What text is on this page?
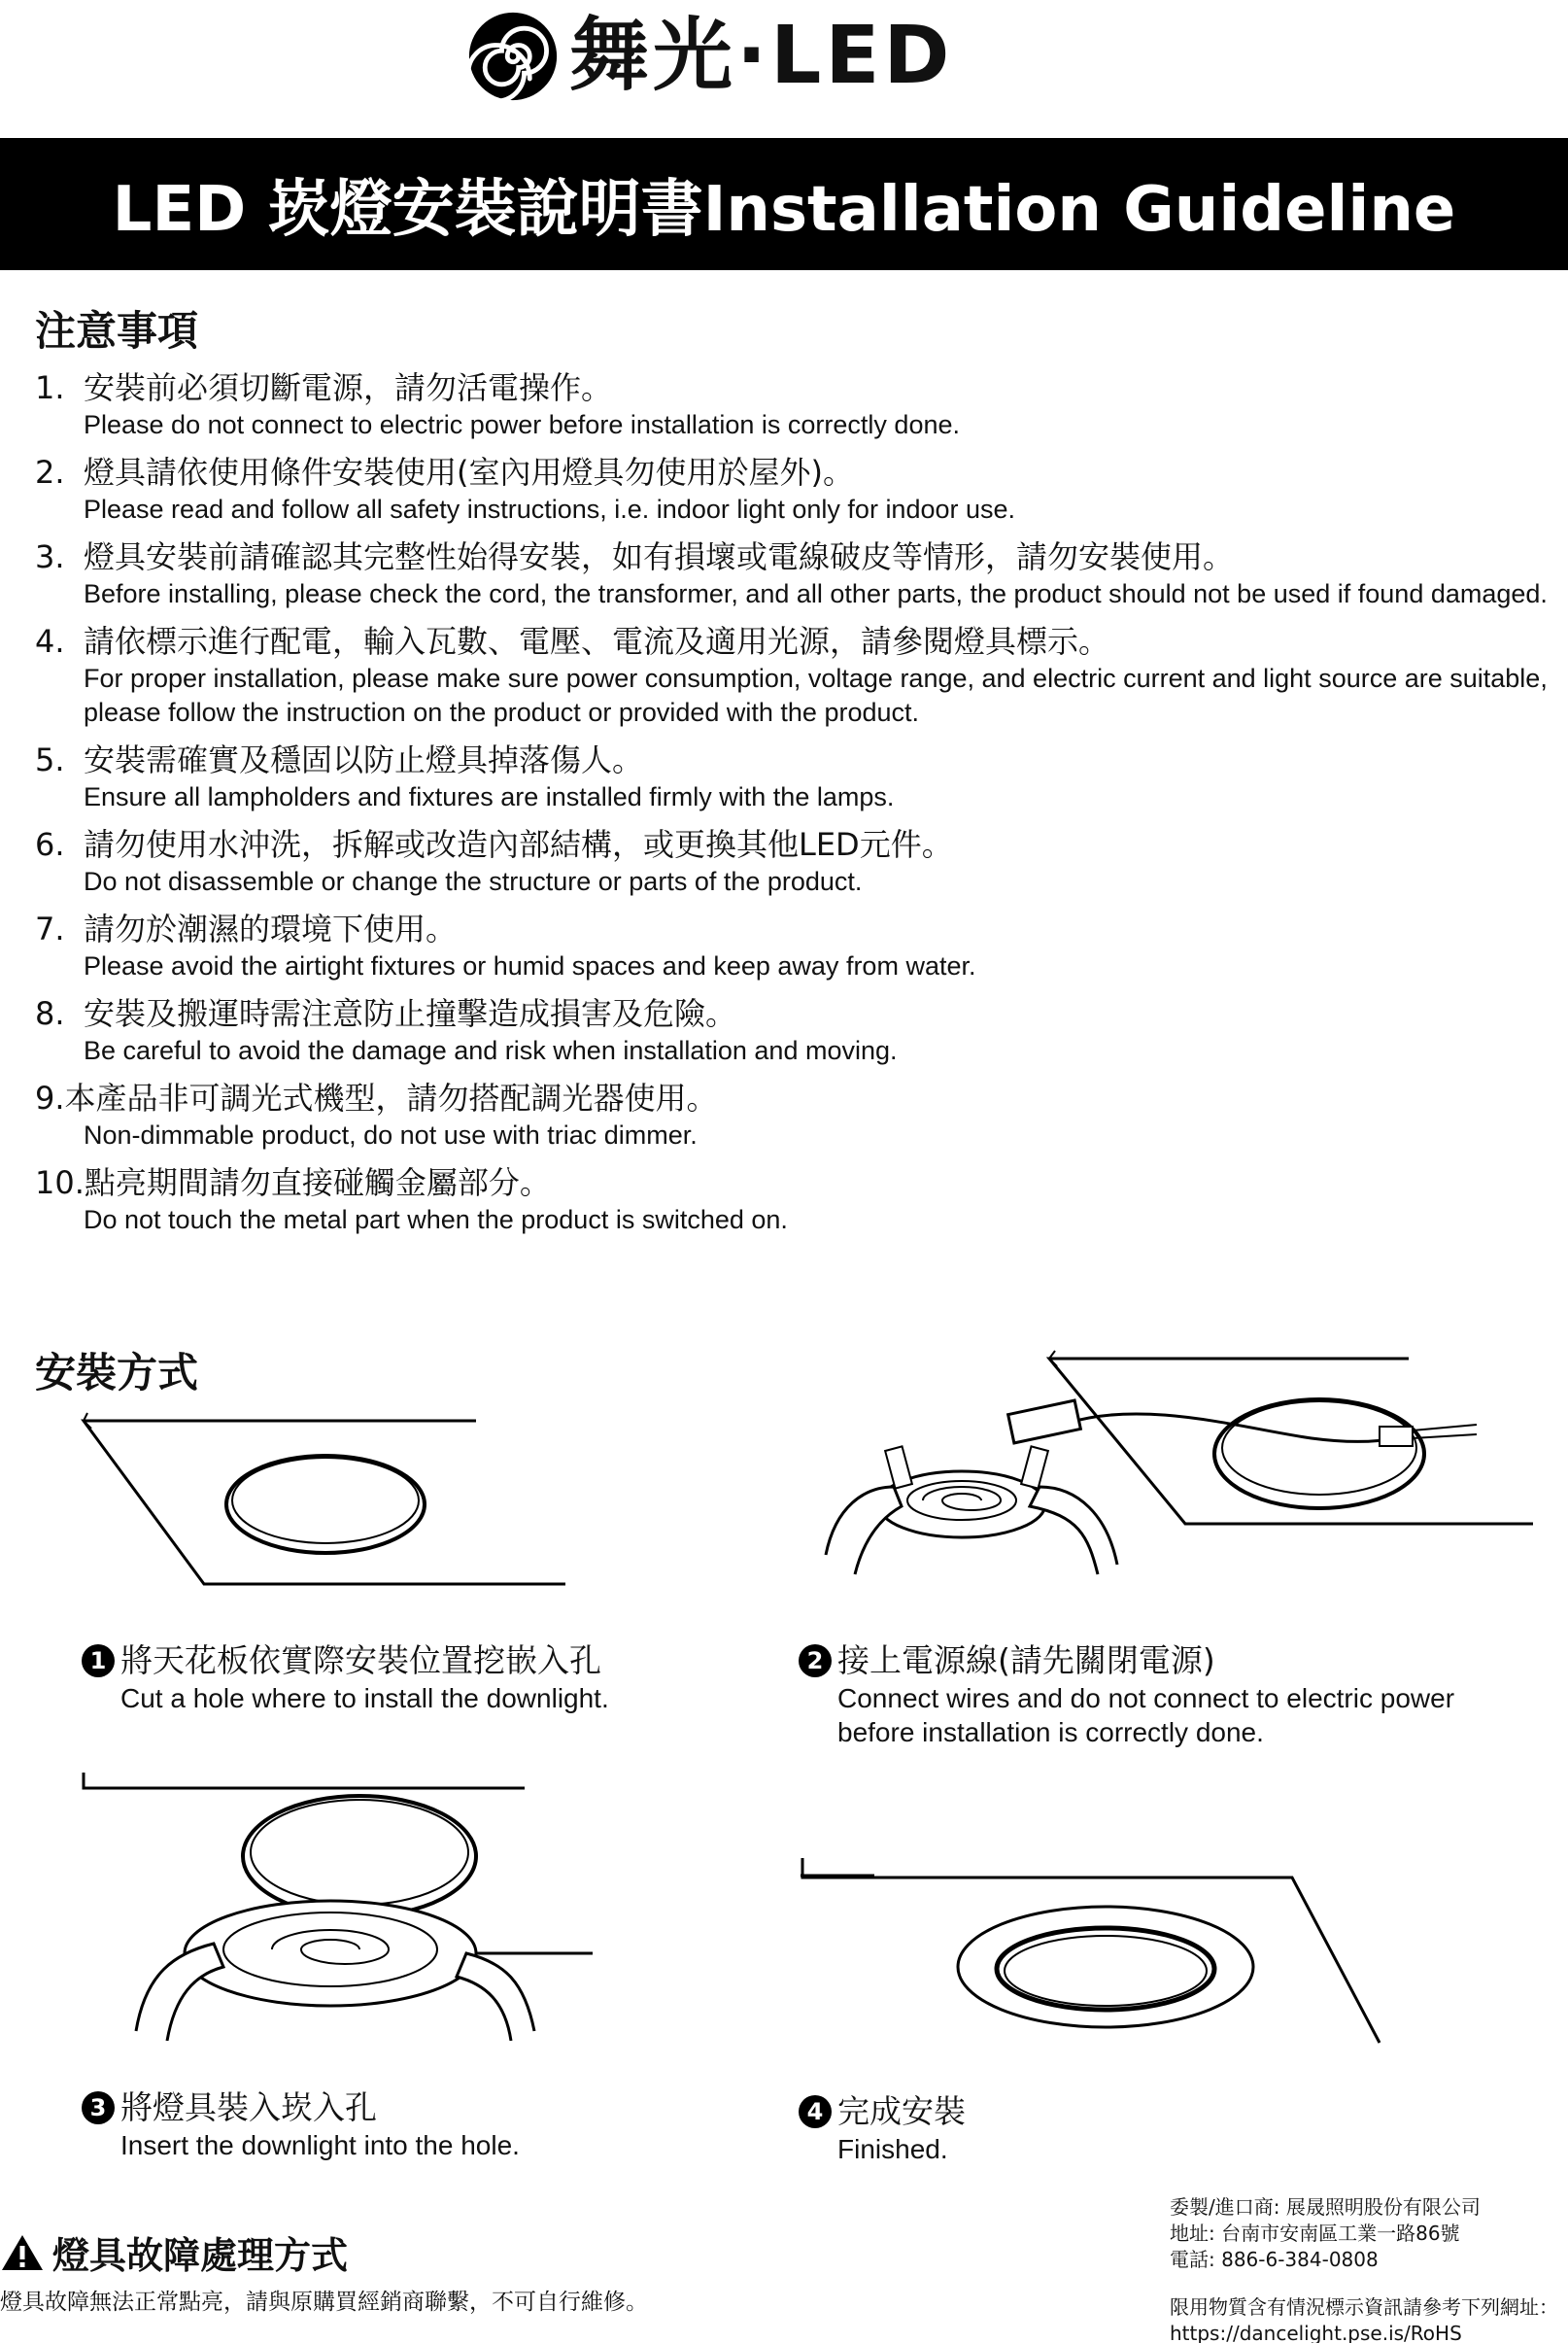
舞光·LED
LED 崁燈安裝說明書Installation Guideline
注意事項
1. 安裝前必須切斷電源，請勿活電操作。
Please do not connect to electric power before installation is correctly done.
2. 燈具請依使用條件安裝使用(室內用燈具勿使用於屋外)。
Please read and follow all safety instructions, i.e. indoor light only for indoor use.
3. 燈具安裝前請確認其完整性始得安裝，如有損壞或電線破皮等情形，請勿安裝使用。
Before installing, please check the cord, the transformer, and all other parts, the product should not be used if found damaged.
4. 請依標示進行配電，輸入瓦數、電壓、電流及適用光源，請參閱燈具標示。
For proper installation, please make sure power consumption, voltage range, and electric current and light source are suitable, please follow the instruction on the product or provided with the product.
5. 安裝需確實及穩固以防止燈具掉落傷人。
Ensure all lampholders and fixtures are installed firmly with the lamps.
6. 請勿使用水沖洗，拆解或改造內部結構，或更換其他LED元件。
Do not disassemble or change the structure or parts of the product.
7. 請勿於潮濕的環境下使用。
Please avoid the airtight fixtures or humid spaces and keep away from water.
8. 安裝及搬運時需注意防止撞擊造成損害及危險。
Be careful to avoid the damage and risk when installation and moving.
9.本產品非可調光式機型，請勿搭配調光器使用。
Non-dimmable product, do not use with triac dimmer.
10.點亮期間請勿直接碰觸金屬部分。
Do not touch the metal part when the product is switched on.
安裝方式
1 將天花板依實際安裝位置挖嵌入孔
Cut a hole where to install the downlight.
2 接上電源線(請先關閉電源)
Connect wires and do not connect to electric power
before installation is correctly done.
3 將燈具裝入崁入孔
Insert the downlight into the hole.
4 完成安裝
Finished.
燈具故障處理方式
燈具故障無法正常點亮，請與原購買經銷商聯繫，不可自行維修。
委製/進口商: 展晟照明股份有限公司
地址: 台南市安南區工業一路86號
電話: 886-6-384-0808
限用物質含有情況標示資訊請參考下列網址：
https://dancelight.pse.is/RoHS
